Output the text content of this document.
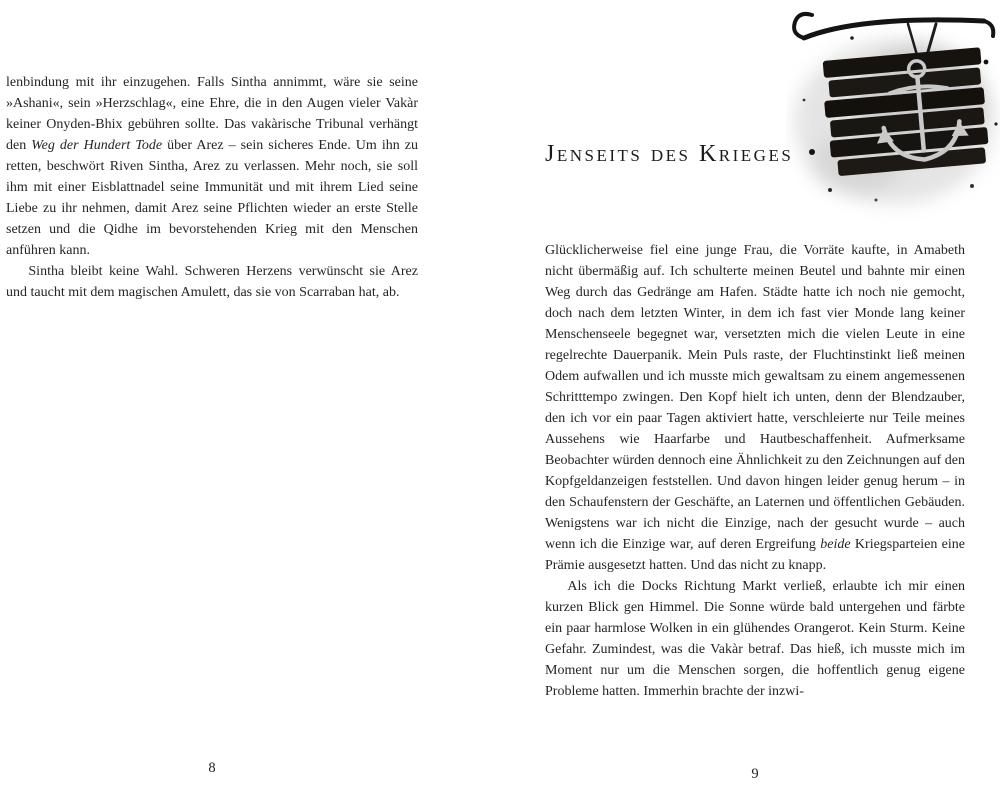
lenbindung mit ihr einzugehen. Falls Sintha annimmt, wäre sie seine »Ashani«, sein »Herzschlag«, eine Ehre, die in den Augen vieler Vakàr keiner Onyden-Bhix gebühren sollte. Das vakàrische Tribunal verhängt den Weg der Hundert Tode über Arez – sein sicheres Ende. Um ihn zu retten, beschwört Riven Sintha, Arez zu verlassen. Mehr noch, sie soll ihm mit einer Eisblattnadel seine Immunität und mit ihrem Lied seine Liebe zu ihr nehmen, damit Arez seine Pflichten wieder an erste Stelle setzen und die Qidhe im bevorstehenden Krieg mit den Menschen anführen kann.

Sintha bleibt keine Wahl. Schweren Herzens verwünscht sie Arez und taucht mit dem magischen Amulett, das sie von Scarraban hat, ab.

8
Jenseits des Krieges

Glücklicherweise fiel eine junge Frau, die Vorräte kaufte, in Amabeth nicht übermäßig auf. Ich schulterte meinen Beutel und bahnte mir einen Weg durch das Gedränge am Hafen. Städte hatte ich noch nie gemocht, doch nach dem letzten Winter, in dem ich fast vier Monde lang keiner Menschenseele begegnet war, versetzten mich die vielen Leute in eine regelrechte Dauerpanik. Mein Puls raste, der Fluchtinstinkt ließ meinen Odem aufwallen und ich musste mich gewaltsam zu einem angemessenen Schritttempo zwingen. Den Kopf hielt ich unten, denn der Blendzauber, den ich vor ein paar Tagen aktiviert hatte, verschleierte nur Teile meines Aussehens wie Haarfarbe und Hautbeschaffenheit. Aufmerksame Beobachter würden dennoch eine Ähnlichkeit zu den Zeichnungen auf den Kopfgeldanzeigen feststellen. Und davon hingen leider genug herum – in den Schaufenstern der Geschäfte, an Laternen und öffentlichen Gebäuden. Wenigstens war ich nicht die Einzige, nach der gesucht wurde – auch wenn ich die Einzige war, auf deren Ergreifung beide Kriegsparteien eine Prämie ausgesetzt hatten. Und das nicht zu knapp.

Als ich die Docks Richtung Markt verließ, erlaubte ich mir einen kurzen Blick gen Himmel. Die Sonne würde bald untergehen und färbte ein paar harmlose Wolken in ein glühendes Orangerot. Kein Sturm. Keine Gefahr. Zumindest, was die Vakàr betraf. Das hieß, ich musste mich im Moment nur um die Menschen sorgen, die hoffentlich genug eigene Probleme hatten. Immerhin brachte der inzwi-

9
